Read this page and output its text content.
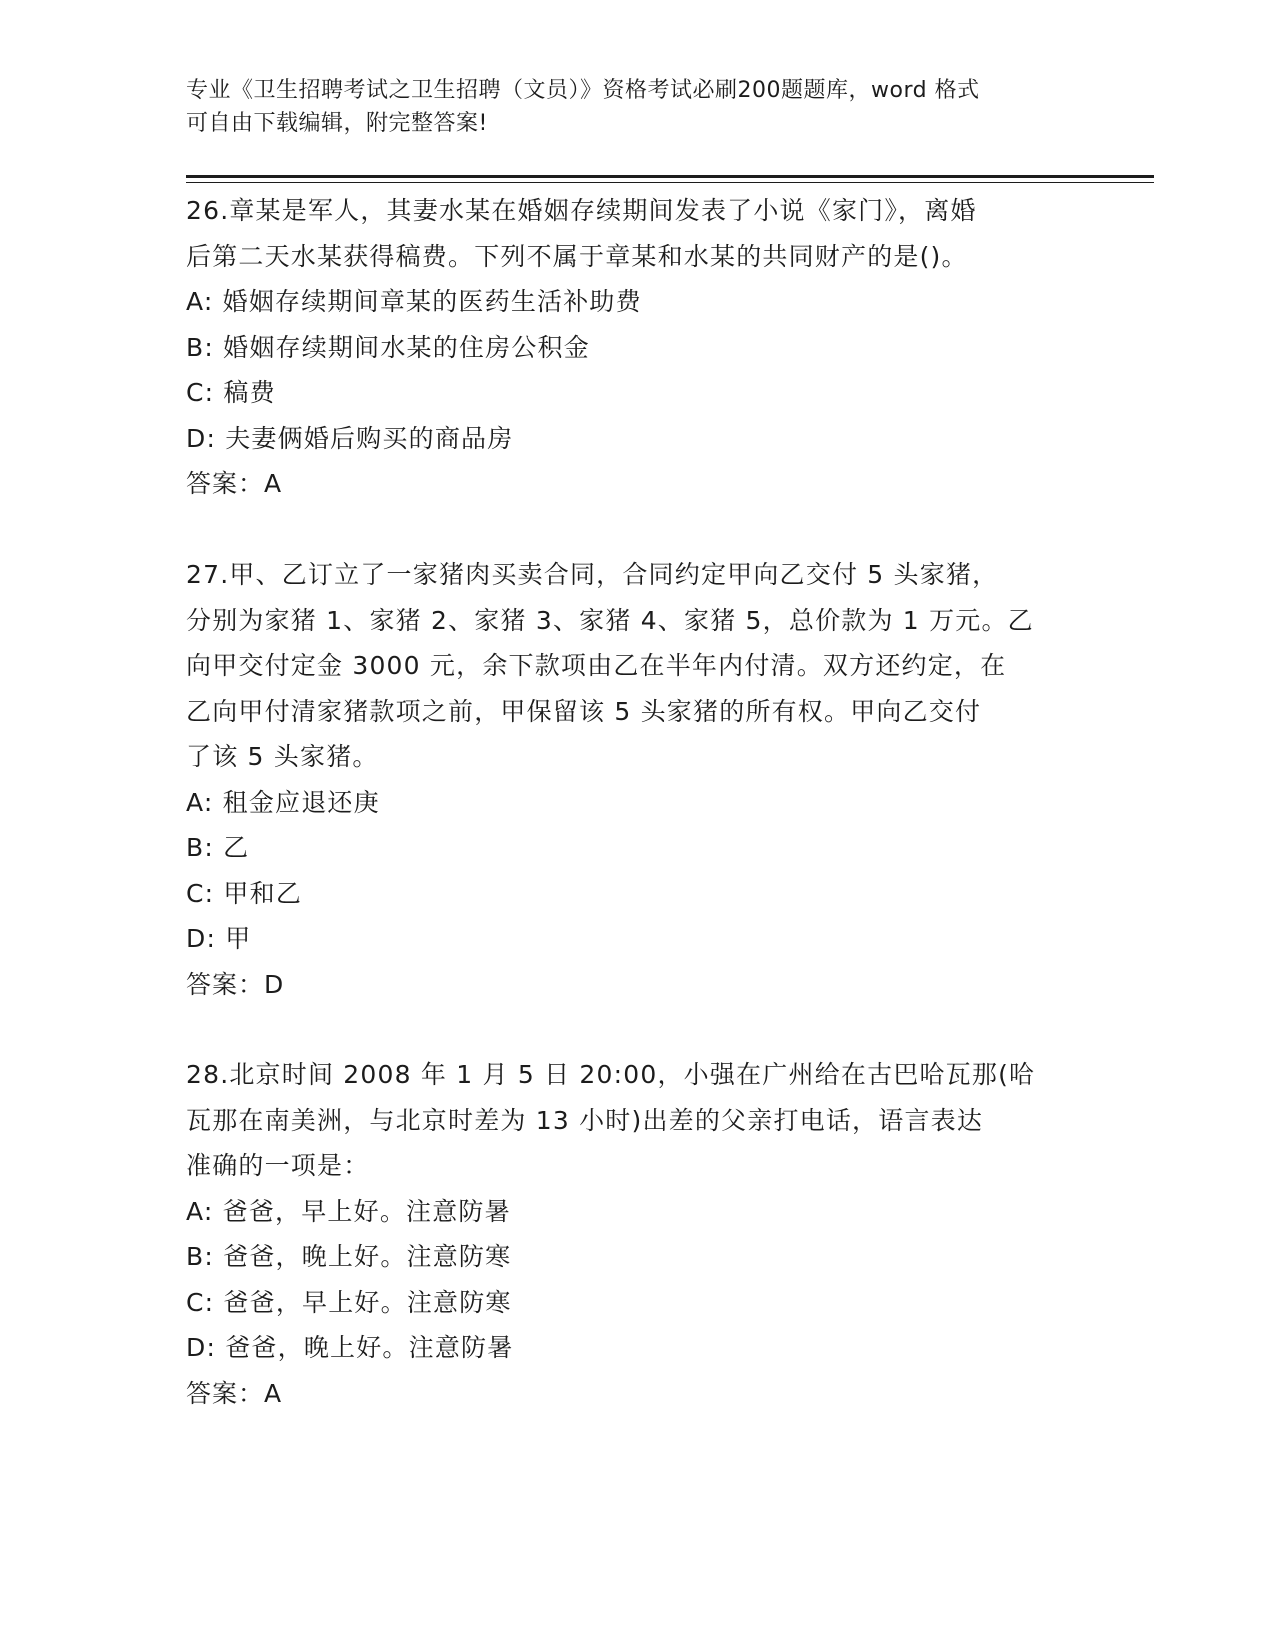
专业《卫生招聘考试之卫生招聘（文员）》资格考试必刷200题题库，word 格式
可自由下载编辑，附完整答案!
26.章某是军人，其妻水某在婚姻存续期间发表了小说《家门》，离婚
后第二天水某获得稿费。下列不属于章某和水某的共同财产的是()。
A: 婚姻存续期间章某的医药生活补助费
B: 婚姻存续期间水某的住房公积金
C: 稿费
D: 夫妻俩婚后购买的商品房
答案：A
27.甲、乙订立了一家猪肉买卖合同，合同约定甲向乙交付 5 头家猪，
分别为家猪 1、家猪 2、家猪 3、家猪 4、家猪 5，总价款为 1 万元。乙
向甲交付定金 3000 元，余下款项由乙在半年内付清。双方还约定，在
乙向甲付清家猪款项之前，甲保留该 5 头家猪的所有权。甲向乙交付
了该 5 头家猪。
A: 租金应退还庚
B: 乙
C: 甲和乙
D: 甲
答案：D
28.北京时间 2008 年 1 月 5 日 20:00，小强在广州给在古巴哈瓦那(哈
瓦那在南美洲，与北京时差为 13 小时)出差的父亲打电话，语言表达
准确的一项是：
A: 爸爸，早上好。注意防暑
B: 爸爸，晚上好。注意防寒
C: 爸爸，早上好。注意防寒
D: 爸爸，晚上好。注意防暑
答案：A
